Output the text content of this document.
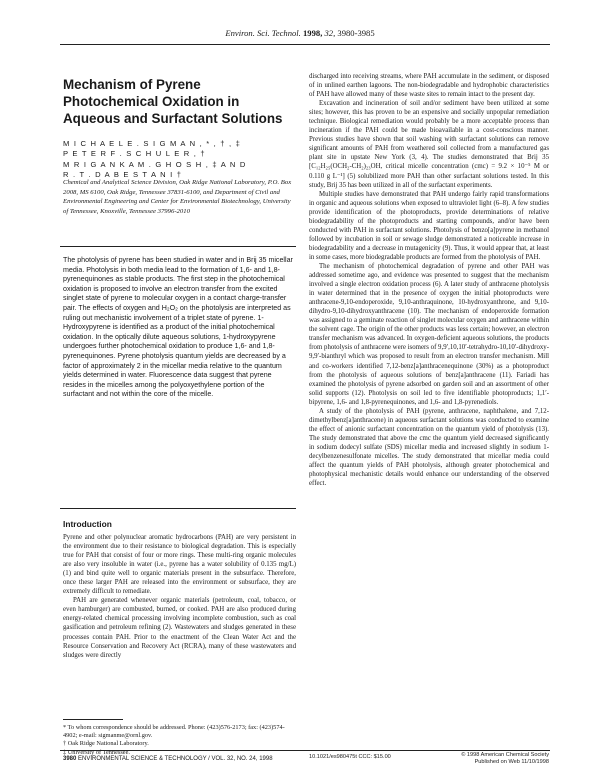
Environ. Sci. Technol. 1998, 32, 3980-3985
Mechanism of Pyrene Photochemical Oxidation in Aqueous and Surfactant Solutions
M I C H A E L E . S I G M A N , * , † , ‡
P E T E R F . S C H U L E R , †
M R I G A N K A M . G H O S H , ‡ A N D
R . T . D A B E S T A N I †
Chemical and Analytical Science Division, Oak Ridge National Laboratory, P.O. Box 2008, MS 6100, Oak Ridge, Tennessee 37831-6100, and Department of Civil and Environmental Engineering and Center for Environmental Biotechnology, University of Tennessee, Knoxville, Tennessee 37996-2010
The photolysis of pyrene has been studied in water and in Brij 35 micellar media. Photolysis in both media lead to the formation of 1,6- and 1,8-pyrenequinones as stable products. The first step in the photochemical oxidation is proposed to involve an electron transfer from the excited singlet state of pyrene to molecular oxygen in a contact charge-transfer pair. The effects of oxygen and H₂O₂ on the photolysis are interpreted as ruling out mechanistic involvement of a triplet state of pyrene. 1-Hydroxypyrene is identified as a product of the initial photochemical oxidation. In the optically dilute aqueous solutions, 1-hydroxypyrene undergoes further photochemical oxidation to produce 1,6- and 1,8-pyrenequinones. Pyrene photolysis quantum yields are decreased by a factor of approximately 2 in the micellar media relative to the quantum yields determined in water. Fluorescence data suggest that pyrene resides in the micelles among the polyoxyethylene portion of the surfactant and not within the core of the micelle.
Introduction

Pyrene and other polynuclear aromatic hydrocarbons (PAH) are very persistent in the environment due to their resistance to biological degradation. This is especially true for PAH that consist of four or more rings. These multi-ring organic molecules are also very insoluble in water (i.e., pyrene has a water solubility of 0.135 mg/L) (1) and bind quite well to organic materials present in the subsurface. Therefore, once these larger PAH are released into the environment or subsurface, they are extremely difficult to remediate.

PAH are generated whenever organic materials (petroleum, coal, tobacco, or even hamburger) are combusted, burned, or cooked. PAH are also produced during energy-related chemical processing involving incomplete combustion, such as coal gasification and petroleum refining (2). Wastewaters and sludges generated in these processes contain PAH. Prior to the enactment of the Clean Water Act and the Resource Conservation and Recovery Act (RCRA), many of these wastewaters and sludges were directly

* To whom correspondence should be addressed. Phone: (423)576-2173; fax: (423)574-4902; e-mail: sigmanme@ornl.gov.
† Oak Ridge National Laboratory.
‡ University of Tennessee.

discharged into receiving streams, where PAH accumulate in the sediment, or disposed of in unlined earthen lagoons. The non-biodegradable and hydrophobic characteristics of PAH have allowed many of these waste sites to remain intact to the present day.

Excavation and incineration of soil and/or sediment have been utilized at some sites; however, this has proven to be an expensive and socially unpopular remediation technique. Biological remediation would probably be a more acceptable process than incineration if the PAH could be made bioavailable in a cost-conscious manner. Previous studies have shown that soil washing with surfactant solutions can remove significant amounts of PAH from weathered soil collected from a manufactured gas plant site in upstate New York (3, 4). The studies demonstrated that Brij 35 [C₁₂H₂₅(OCH₂-CH₂)₂₃OH, critical micelle concentration (cmc) = 9.2 × 10⁻⁵ M or 0.110 g L⁻¹] (5) solubilized more PAH than other surfactant solutions tested. In this study, Brij 35 has been utilized in all of the surfactant experiments.

Multiple studies have demonstrated that PAH undergo fairly rapid transformations in organic and aqueous solutions when exposed to ultraviolet light (6–8). A few studies provide identification of the photoproducts, provide determinations of relative biodegradability of the photoproducts and starting compounds, and/or have been conducted with PAH in surfactant solutions. Photolysis of benzo[a]pyrene in methanol followed by incubation in soil or sewage sludge demonstrated a noticeable increase in biodegradability and a decrease in mutagenicity (9). Thus, it would appear that, at least in some cases, more biodegradable products are formed from the photolysis of PAH.

The mechanism of photochemical degradation of pyrene and other PAH was addressed sometime ago, and evidence was presented to suggest that the mechanism involved a single electron oxidation process (6). A later study of anthracene photolysis in water determined that in the presence of oxygen the initial photoproducts were anthracene-9,10-endoperoxide, 9,10-anthraquinone, 10-hydroxyanthrone, and 9,10-dihydro-9,10-dihydroxyanthracene (10). The mechanism of endoperoxide formation was assigned to a geminate reaction of singlet molecular oxygen and anthracene within the solvent cage. The origin of the other products was less certain; however, an electron transfer mechanism was advanced. In oxygen-deficient aqueous solutions, the products from photolysis of anthracene were isomers of 9,9′,10,10′-tetrahydro-10,10′-dihydroxy-9,9′-bianthryl which was proposed to result from an electron transfer mechanism. Mill and co-workers identified 7,12-benz[a]anthracenequinone (30%) as a photoproduct from the photolysis of aqueous solutions of benz[a]anthracene (11). Fariadi has examined the photolysis of pyrene adsorbed on garden soil and an assortment of other solid supports (12). Photolysis on soil led to five identifiable photoproducts; 1,1′-bipyrene, 1,6- and 1,8-pyrenequinones, and 1,6- and 1,8-pyrenediols.

A study of the photolysis of PAH (pyrene, anthracene, naphthalene, and 7,12-dimethylbenz[a]anthracene) in aqueous surfactant solutions was conducted to examine the effect of anionic surfactant concentration on the quantum yield of photolysis (13). The study demonstrated that above the cmc the quantum yield decreased significantly in sodium dodecyl sulfate (SDS) micellar media and increased slightly in sodium 1-decylbenzenesulfonate micelles. The study demonstrated that micellar media could affect the quantum yields of PAH photolysis, although greater photochemical and photophysical mechanistic details would enhance our understanding of the observed effect.

3980 ENVIRONMENTAL SCIENCE & TECHNOLOGY / VOL. 32, NO. 24, 1998	10.1021/es980475t CCC: $15.00	© 1998 American Chemical Society
Published on Web 11/10/1998
